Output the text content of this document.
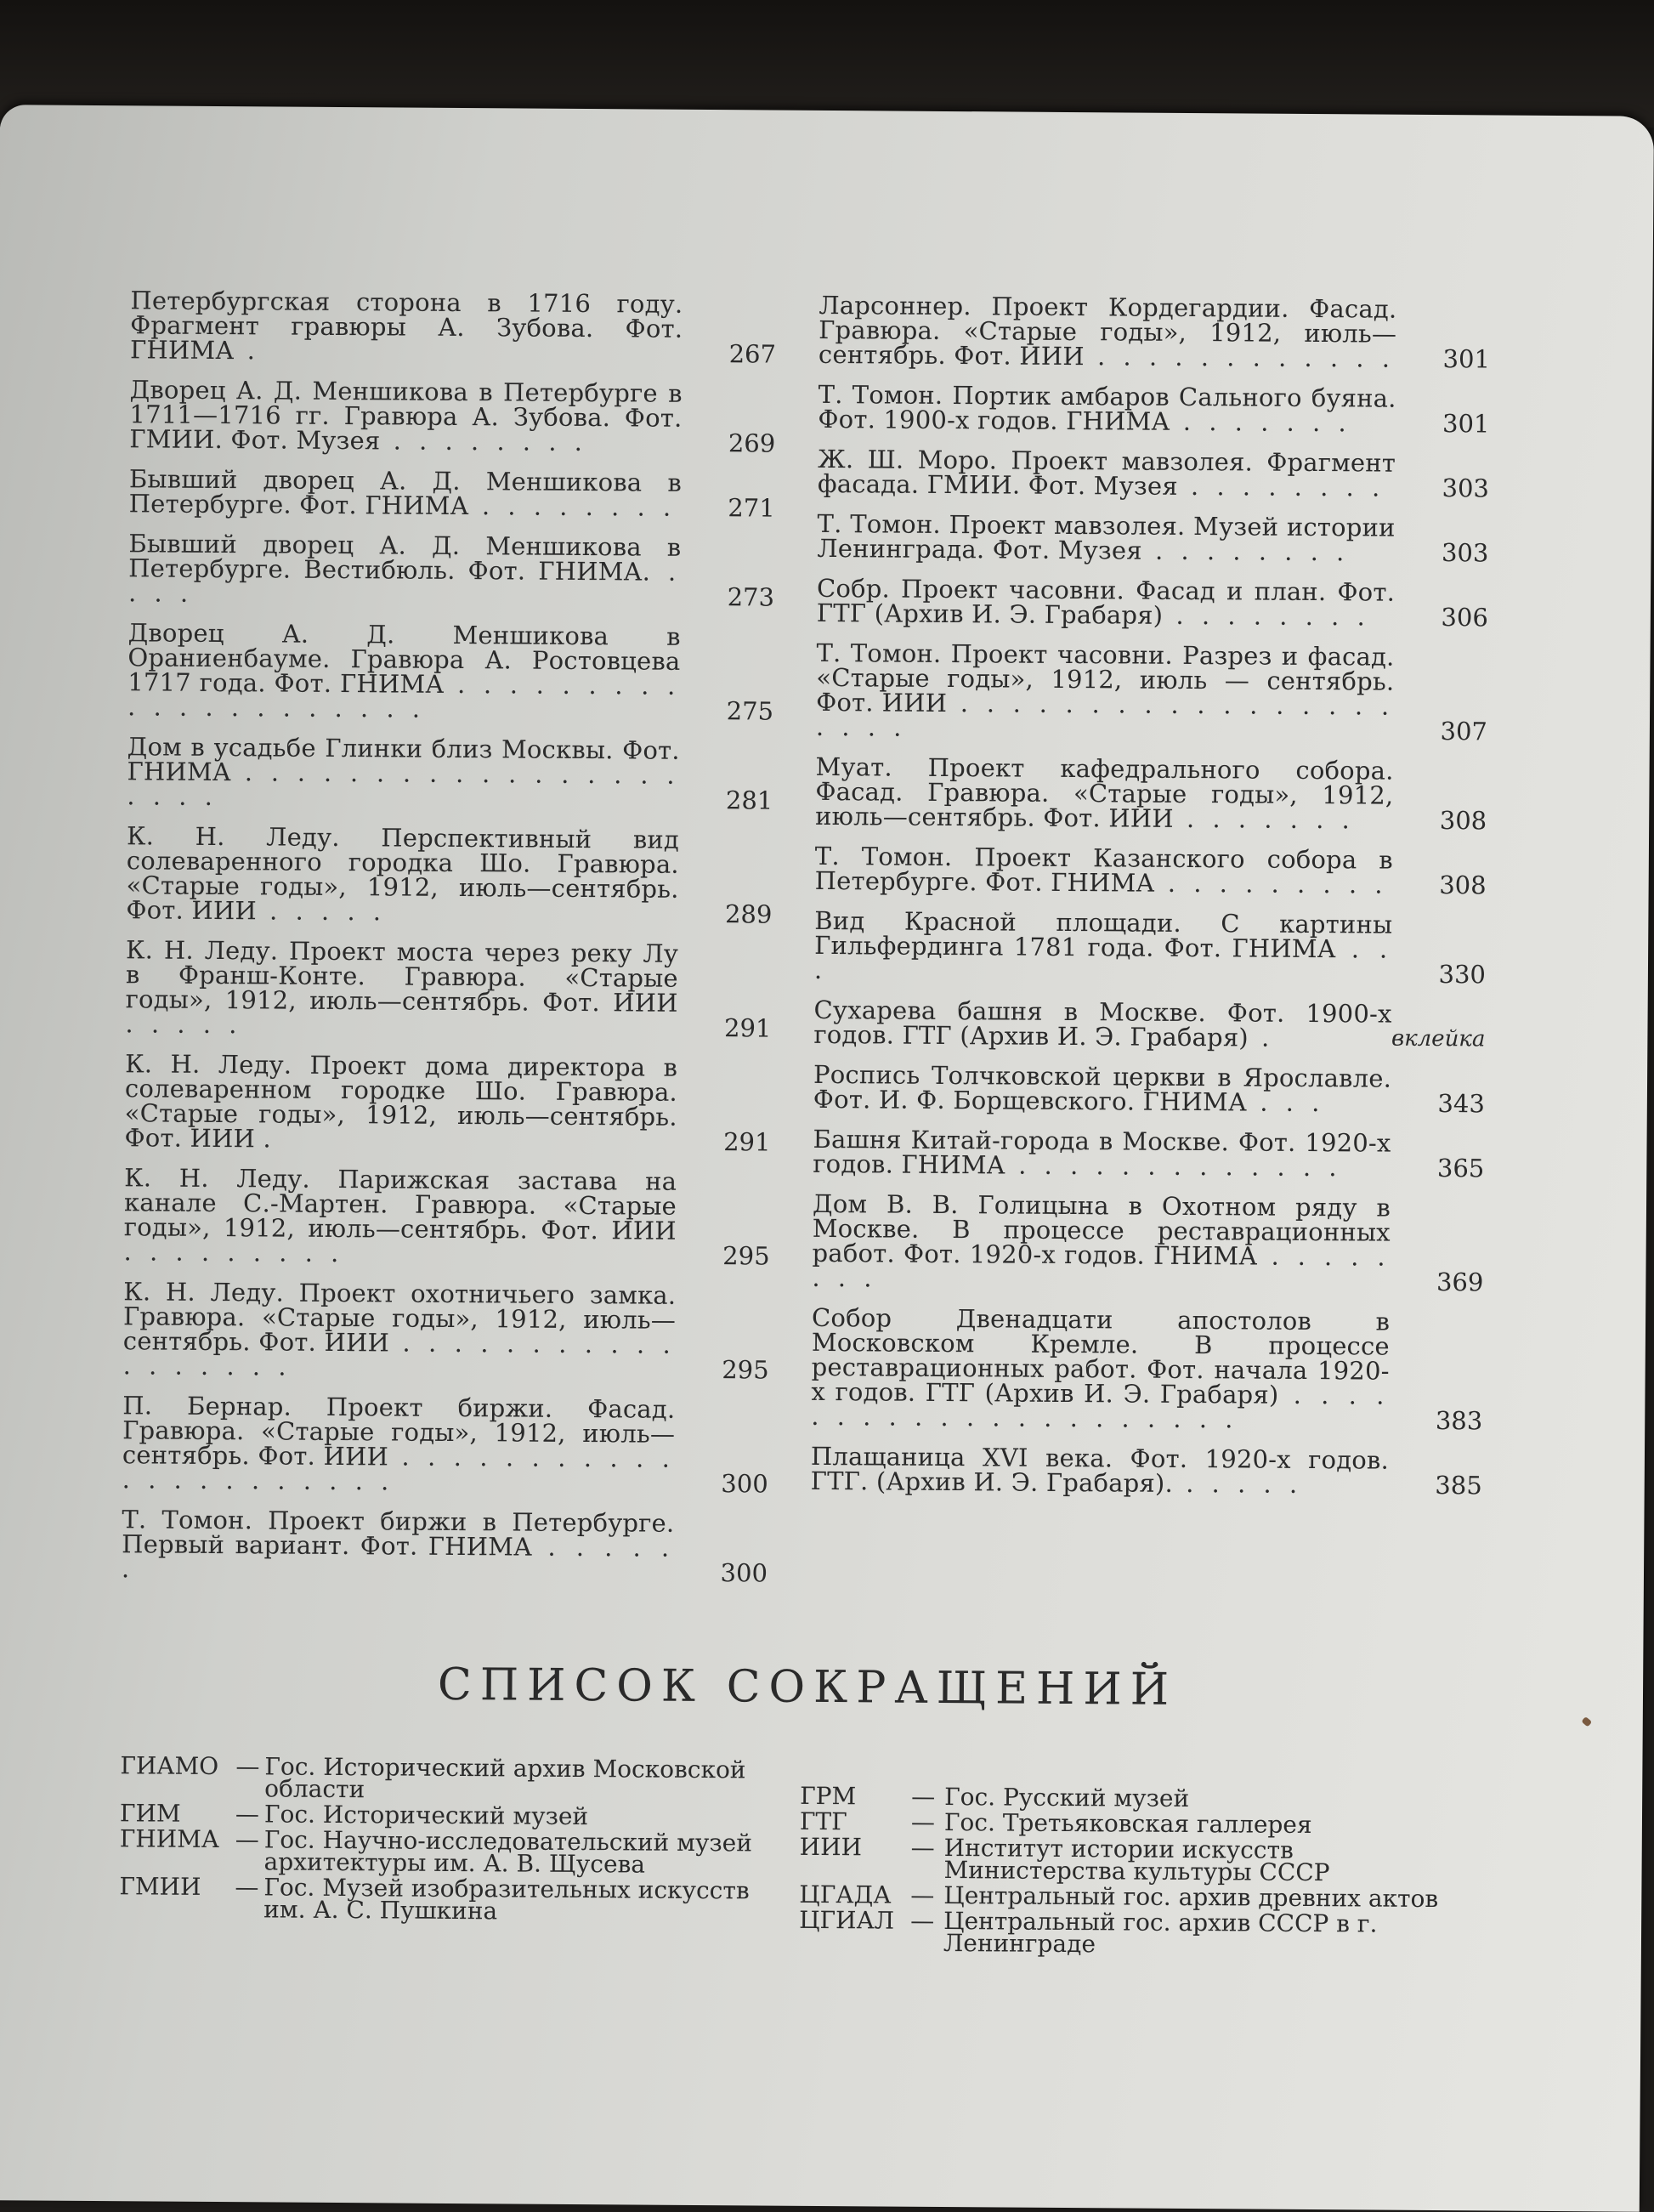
Петербургская сторона в 1716 году. Фрагмент гравюры А. Зубова. Фот. ГНИМА .	267
Дворец А. Д. Меншикова в Петербурге в 1711—1716 гг. Гравюра А. Зубова. Фот. ГМИИ. Фот. Музея . . . . . . . .	269
Бывший дворец А. Д. Меншикова в Петербурге. Фот. ГНИМА . . . . . . . . 271
Бывший дворец А. Д. Меншикова в Петербурге. Вестибюль. Фот. ГНИМА. . . . .	273
Дворец А. Д. Меншикова в Ораниенбауме. Гравюра А. Ростовцева 1717 года. Фот. ГНИМА . . . . . . . . . . . . . . . . . . . . .	275
Дом в усадьбе Глинки близ Москвы. Фот. ГНИМА . . . . . . . . . . . . . . . . . . . . .	281
К. Н. Леду. Перспективный вид солеваренного городка Шо. Гравюра. «Старые годы», 1912, июль—сентябрь. Фот. ИИИ . . . . .	289
К. Н. Леду. Проект моста через реку Лу в Франш-Конте. Гравюра. «Старые годы», 1912, июль—сентябрь. Фот. ИИИ . . . . .	291
К. Н. Леду. Проект дома директора в солеваренном городке Шо. Гравюра. «Старые годы», 1912, июль—сентябрь. Фот. ИИИ .	291
К. Н. Леду. Парижская застава на канале С.-Мартен. Гравюра. «Старые годы», 1912, июль—сентябрь. Фот. ИИИ . . . . . . . . .	295
К. Н. Леду. Проект охотничьего замка. Гравюра. «Старые годы», 1912, июль—сентябрь. Фот. ИИИ . . . . . . . . . . . . . . . . . .	295
П. Бернар. Проект биржи. Фасад. Гравюра. «Старые годы», 1912, июль—сентябрь. Фот. ИИИ . . . . . . . . . . . . . . . . . . . . . .	300
Т. Томон. Проект биржи в Петербурге. Первый вариант. Фот. ГНИМА . . . . . .	300
Ларсоннер. Проект Кордегардии. Фасад. Гравюра. «Старые годы», 1912, июль—сентябрь. Фот. ИИИ . . . . . . . . . . . . 301
Т. Томон. Портик амбаров Сального буяна. Фот. 1900-х годов. ГНИМА . . . . . . .	301
Ж. Ш. Моро. Проект мавзолея. Фрагмент фасада. ГМИИ. Фот. Музея . . . . . . . .	303
Т. Томон. Проект мавзолея. Музей истории Ленинграда. Фот. Музея . . . . . . . .	303
Собр. Проект часовни. Фасад и план. Фот. ГТГ (Архив И. Э. Грабаря) . . . . . . . .	306
Т. Томон. Проект часовни. Разрез и фасад. «Старые годы», 1912, июль — сентябрь. Фот. ИИИ . . . . . . . . . . . . . . . . . . . . .	307
Муат. Проект кафедрального собора. Фасад. Гравюра. «Старые годы», 1912, июль—сентябрь. Фот. ИИИ . . . . . . .	308
Т. Томон. Проект Казанского собора в Петербурге. Фот. ГНИМА . . . . . . . . . 308
Вид Красной площади. С картины Гильфердинга 1781 года. Фот. ГНИМА . . .	330
Сухарева башня в Москве. Фот. 1900-х годов. ГТГ (Архив И. Э. Грабаря) .	вклейка
Роспись Толчковской церкви в Ярославле. Фот. И. Ф. Борщевского. ГНИМА . . .	343
Башня Китай-города в Москве. Фот. 1920-х годов. ГНИМА . . . . . . . . . . . . .	365
Дом В. В. Голицына в Охотном ряду в Москве. В процессе реставрационных работ. Фот. 1920-х годов. ГНИМА . . . . . . . .	369
Собор Двенадцати апостолов в Московском Кремле. В процессе реставрационных работ. Фот. начала 1920-х годов. ГТГ (Архив И. Э. Грабаря) . . . . . . . . . . . . . . . . . . . . .	383
Плащаница XVI века. Фот. 1920-х годов. ГТГ. (Архив И. Э. Грабаря). . . . . .	385
СПИСОК СОКРАЩЕНИЙ
ГИАМО — Гос. Исторический архив Московской области
ГИМ	— Гос. Исторический музей
ГНИМА — Гос. Научно-исследовательский музей архитектуры им. А. В. Щусева
ГМИИ	— Гос. Музей изобразительных искусств им. А. С. Пушкина
ГРМ	— Гос. Русский музей
ГТГ	— Гос. Третьяковская галлерея
ИИИ	— Институт истории искусств Министерства культуры СССР
ЦГАДА — Центральный гос. архив древних актов
ЦГИАЛ — Центральный гос. архив СССР в г. Ленинграде
